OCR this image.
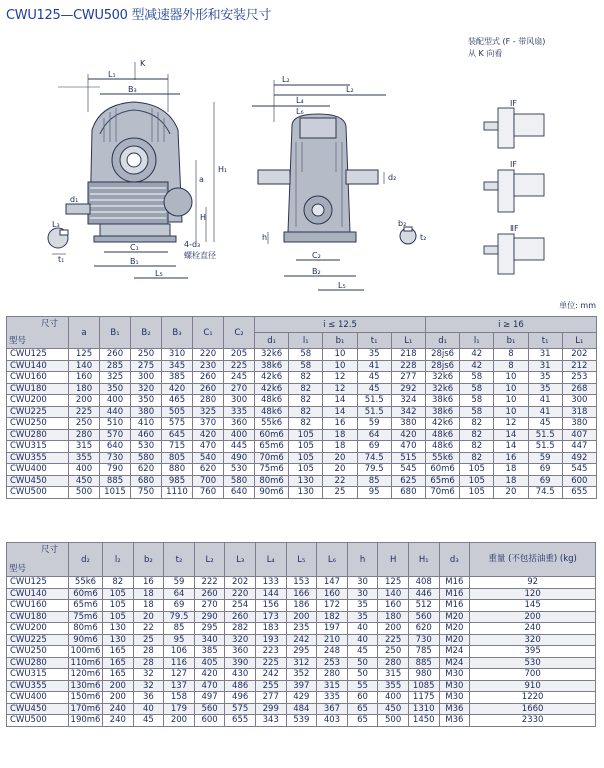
CWU125—CWU500 型减速器外形和安装尺寸
K
L₁
B₃
H₁
a
H
d₁
t₁
C₁
B₁
L₅
L₃
4-d₃
螺栓直径
L₂
L₄
L₂
L₆
h
C₂
B₂
L₅
d₂
b₂
t₂
ⅠF
ⅠF
ⅡF
装配型式 (F - 带风扇)
从 K 向看
单位: mm
尺寸
型号	a	B₁	B₂	B₃	C₁	C₂	i ≤ 12.5					i ≥ 16				
							d₁	l₁	b₁	t₁	L₁	d₁	l₁	b₁	t₁	L₁
CWU125	125	260	250	310	220	205	32k6	58	10	35	218	28js6	42	8	31	202
CWU140	140	285	275	345	230	225	38k6	58	10	41	228	28js6	42	8	31	212
CWU160	160	325	300	385	260	245	42k6	82	12	45	277	32k6	58	10	35	253
CWU180	180	350	320	420	260	270	42k6	82	12	45	292	32k6	58	10	35	268
CWU200	200	400	350	465	280	300	48k6	82	14	51.5	324	38k6	58	10	41	300
CWU225	225	440	380	505	325	335	48k6	82	14	51.5	342	38k6	58	10	41	318
CWU250	250	510	410	575	370	360	55k6	82	16	59	380	42k6	82	12	45	380
CWU280	280	570	460	645	420	400	60m6	105	18	64	420	48k6	82	14	51.5	407
CWU315	315	640	530	715	470	445	65m6	105	18	69	470	48k6	82	14	51.5	447
CWU355	355	730	580	805	540	490	70m6	105	20	74.5	515	55k6	82	16	59	492
CWU400	400	790	620	880	620	530	75m6	105	20	79.5	545	60m6	105	18	69	545
CWU450	450	885	680	985	700	580	80m6	130	22	85	625	65m6	105	18	69	600
CWU500	500	1015	750	1110	760	640	90m6	130	25	95	680	70m6	105	20	74.5	655
尺寸
型号	d₂	l₂	b₂	t₂	L₂	L₃	L₄	L₅	L₆	h	H	H₁	d₃	重量 (不包括油重) (kg)
CWU125	55k6	82	16	59	222	202	133	153	147	30	125	408	M16	92
CWU140	60m6	105	18	64	260	220	144	166	160	30	140	446	M16	120
CWU160	65m6	105	18	69	270	254	156	186	172	35	160	512	M16	145
CWU180	75m6	105	20	79.5	290	260	173	200	182	35	180	560	M20	200
CWU200	80m6	130	22	85	295	282	183	235	197	40	200	620	M20	240
CWU225	90m6	130	25	95	340	320	193	242	210	40	225	730	M20	320
CWU250	100m6	165	28	106	385	360	223	295	248	45	250	785	M24	395
CWU280	110m6	165	28	116	405	390	225	312	253	50	280	885	M24	530
CWU315	120m6	165	32	127	420	430	242	352	280	50	315	980	M30	700
CWU355	130m6	200	32	137	470	486	255	397	315	55	355	1085	M30	910
CWU400	150m6	200	36	158	497	496	277	429	335	60	400	1175	M30	1220
CWU450	170m6	240	40	179	560	575	299	484	367	65	450	1310	M36	1660
CWU500	190m6	240	45	200	600	655	343	539	403	65	500	1450	M36	2330
